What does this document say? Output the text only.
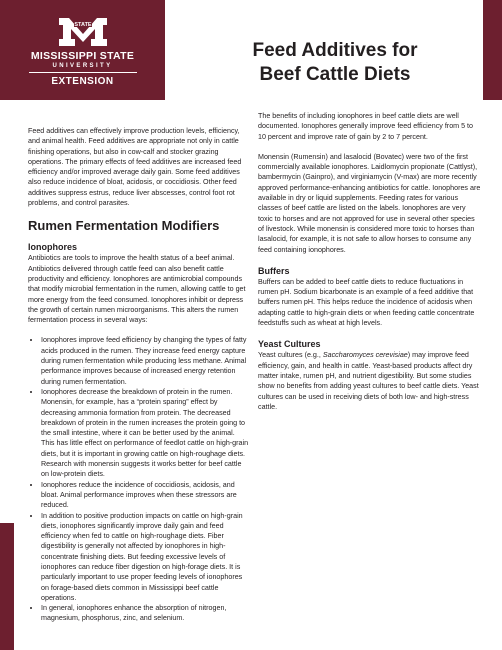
STATE
MISSISSIPPI STATE
UNIVERSITY
EXTENSION
Feed Additives for
Beef Cattle Diets

Feed additives can effectively improve production levels, efficiency, and animal health. Feed additives are appropriate not only in cattle finishing operations, but also in cow-calf and stocker grazing operations. The primary effects of feed additives are increased feed efficiency and/or improved average daily gain. Some feed additives also reduce incidence of bloat, acidosis, or coccidiosis. Other feed additives suppress estrus, reduce liver abscesses, control foot rot problems, and control parasites.

Rumen Fermentation Modifiers
Ionophores

Antibiotics are tools to improve the health status of a beef animal. Antibiotics delivered through cattle feed can also benefit cattle productivity and efficiency. Ionophores are antimicrobial compounds that modify microbial fermentation in the rumen, allowing cattle to get more energy from the feed consumed. Ionophores inhibit or depress the growth of certain rumen microorganisms. This alters the rumen fermentation process in several ways:

• Ionophores improve feed efficiency by changing the types of fatty acids produced in the rumen. They increase feed energy capture during rumen fermentation while producing less methane. Animal performance improves because of increased energy retention during rumen fermentation.
• Ionophores decrease the breakdown of protein in the rumen. Monensin, for example, has a “protein sparing” effect by decreasing ammonia formation from protein. The decreased breakdown of protein in the rumen increases the protein going to the small intestine, where it can be better used by the animal. This has little effect on performance of feedlot cattle on high-grain diets, but it is important in growing cattle on high-roughage diets. Research with monensin suggests it works better for beef cattle on low-protein diets.
• Ionophores reduce the incidence of coccidiosis, acidosis, and bloat. Animal performance improves when these stressors are reduced.
• In addition to positive production impacts on cattle on high-grain diets, ionophores significantly improve daily gain and feed efficiency when fed to cattle on high-roughage diets. Fiber digestibility is generally not affected by ionophores in high-concentrate finishing diets. But feeding excessive levels of ionophores can reduce fiber digestion on high-forage diets. It is particularly important to use proper feeding levels of ionophores on forage-based diets common in Mississippi beef cattle operations.
• In general, ionophores enhance the absorption of nitrogen, magnesium, phosphorus, zinc, and selenium.

The benefits of including ionophores in beef cattle diets are well documented. Ionophores generally improve feed efficiency from 5 to 10 percent and improve rate of gain by 2 to 7 percent.

Monensin (Rumensin) and lasalocid (Bovatec) were two of the first commercially available ionophores. Laidlomycin propionate (Cattlyst), bambermycin (Gainpro), and virginiamycin (V-max) are more recently approved performance-enhancing antibiotics for cattle. Ionophores are available in dry or liquid supplements. Feeding rates for various classes of beef cattle are listed on the labels. Ionophores are very toxic to horses and are not approved for use in several other species of livestock. While monensin is considered more toxic to horses than lasalocid, for example, it is not safe to allow horses to consume any feed containing ionophores.

Buffers

Buffers can be added to beef cattle diets to reduce fluctuations in rumen pH. Sodium bicarbonate is an example of a feed additive that buffers rumen pH. This helps reduce the incidence of acidosis when adapting cattle to high-grain diets or when feeding cattle concentrate feedstuffs such as wheat at high levels.

Yeast Cultures

Yeast cultures (e.g., Saccharomyces cerevisiae) may improve feed efficiency, gain, and health in cattle. Yeast-based products affect dry matter intake, rumen pH, and nutrient digestibility. But some studies show no benefits from adding yeast cultures to beef cattle diets. Yeast cultures can be used in receiving diets of both low- and high-stress cattle.
